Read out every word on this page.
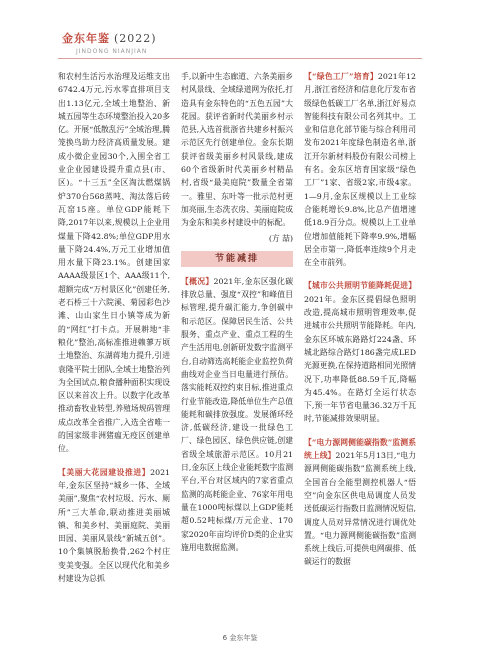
金东年鉴 (2022)
JINDONG NIANJIAN

和农村生活污水治理及运维支出6742.4万元,污水零直排项目支出1.13亿元,全域土地整治、新城五园等生态环境整治投入20多亿。开展“低散乱污”全域治理,腾笼换鸟助力经济高质量发展。建成小微企业园30个,入围全省工业企业园建设提升重点县(市、区)。“十三五”全区淘汰燃煤锅炉370台568蒸吨、淘汰落后砖瓦窑15座。单位GDP能耗下降,2017年以来,规模以上企业用煤量下降42.8%;单位GDP用水量下降24.4%,万元工业增加值用水量下降23.1%。创建国家AAAA级景区1个、AAA级11个,超额完成“万村景区化”创建任务,老石桥三十六院溪、菊园彩色沙滩、山山家生日小镇等成为新的“网红”打卡点。开展耕地“非粮化”整治,高标准推进赖蓼万顷土地整治、东湖蒋地力提升,引进袁隆平院士团队,全域土地整治列为全国试点,粮食播种面积实现设区以来首次上升。以数字化改革推动畜牧业转型,养殖场规码管理成点改革全省推广,入选全省唯一的国家级非洲猪瘟无疫区创建单位。

【美丽大花园建设推进】2021年,金东区坚持“城乡一体、全域美丽”,聚焦“农村垃圾、污水、厕所”三大革命,联动推进美丽城镇、和美乡村、美丽庭院、美丽田园、美丽风景线“新城五创”。10个集镇脱胎换骨,262个村庄变美变强。全区以现代化和美乡村建设为总抓

手,以新中生态廊道、六条美丽乡村风景线、全域绿道网为依托,打造具有金东特色的“五色五园”大花园。获评省新时代美丽乡村示范县,入选首批浙省共建乡村振兴示范区先行创建单位。金东长期获评省级美丽乡村风景线,建成60个省级新时代美丽乡村精品村,省级“最美庭院”数量全省第一。雅里、东叶等一批示范村更加亮丽,生态洗衣房、美丽庭院成为金东和美乡村建设中的标配。

(方 喆)

节能减排

【概况】2021年,金东区强化碳排放总量、强度“双控”和峰值目标管理,提升碳汇能力,争创碳中和示范区。保障居民生活、公共服务、重点产业、重点工程的生产生活用电,创新研发数字监测平台,自动筛选高耗能企业监控负荷曲线对企业当日电量进行预估。落实能耗双控约束目标,推进重点行业节能改造,降低单位生产总值能耗和碳排放强度。发展循环经济,低碳经济,建设一批绿色工厂、绿色园区、绿色供应链,创建省级全域旅游示范区。10月21日,金东区上线企业能耗数字监测平台,平台对区域内的7家省重点监测的高耗能企业、76家年用电量在1000吨标煤以上GDP能耗超0.52吨标煤/万元企业、170家2020年亩均评价D类的企业实施用电数据监测。

【“绿色工厂”培育】2021年12月,浙江省经济和信息化厅发布省级绿色低碳工厂名单,浙江好易点智能科技有限公司名列其中。工业和信息化部节能与综合利用司发布2021年度绿色制造名单,浙江开尔新材料股份有限公司榜上有名。金东区培育国家级“绿色工厂”1家、省级2家,市级4家。1—9月,金东区规模以上工业综合能耗增长9.8%,比总产值增速低18.9百分点。规模以上工业单位增加值能耗下降率9.9%,增幅居全市第一,降低率连续9个月走在全市前列。

【城市公共照明节能降耗促进】2021年。金东区提倡绿色照明改造,提高城市照明管理效率,促进城市公共照明节能降耗。年内,金东区环城东路路灯224盏、环城北路综合路灯186盏完成LED光源更换,在保持道路相同光照情况下,功率降低88.59千瓦,降幅为45.4%。在路灯全运行状态下,预一年节省电量36.32万千瓦时,节能减排效果明显。

【“电力源网侧能碳指数”监测系统上线】2021年5月13日,“电力源网侧能碳指数”监测系统上线,全国首台全能型测控机器人“悟空”向金东区供电局调度人员发送低碳运行指数日监测情况短信,调度人员对异常情况进行调优处置。“电力源网侧能碳指数”监测系统上线后,可提供电网碳排、低碳运行的数据

6 金东年鉴
